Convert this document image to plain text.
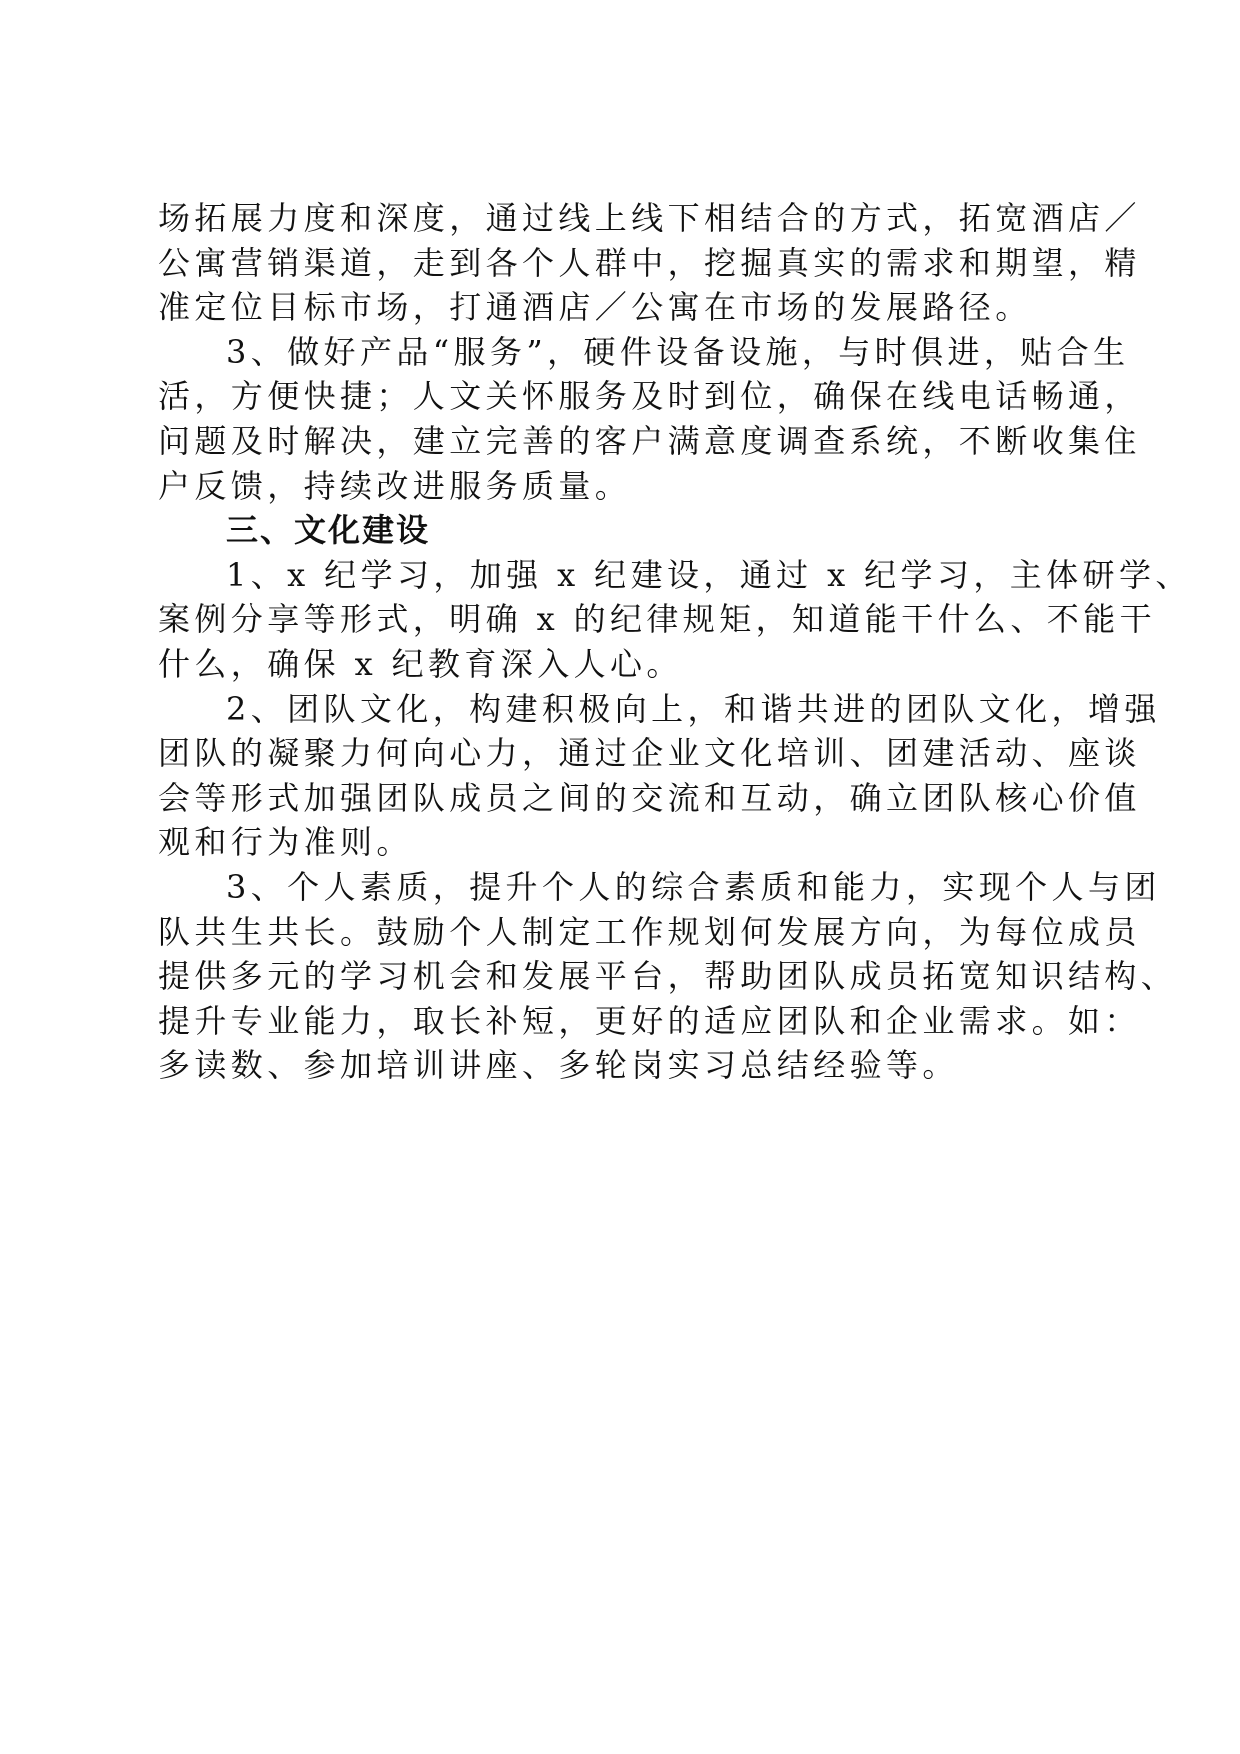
场拓展力度和深度，通过线上线下相结合的方式，拓宽酒店／
公寓营销渠道，走到各个人群中，挖掘真实的需求和期望，精
准定位目标市场，打通酒店／公寓在市场的发展路径。
3、做好产品“服务”，硬件设备设施，与时俱进，贴合生
活，方便快捷；人文关怀服务及时到位，确保在线电话畅通，
问题及时解决，建立完善的客户满意度调查系统，不断收集住
户反馈，持续改进服务质量。
三、文化建设
1、x 纪学习，加强 x 纪建设，通过 x 纪学习，主体研学、
案例分享等形式，明确 x 的纪律规矩，知道能干什么、不能干
什么，确保 x 纪教育深入人心。
2、团队文化，构建积极向上，和谐共进的团队文化，增强
团队的凝聚力何向心力，通过企业文化培训、团建活动、座谈
会等形式加强团队成员之间的交流和互动，确立团队核心价值
观和行为准则。
3、个人素质，提升个人的综合素质和能力，实现个人与团
队共生共长。鼓励个人制定工作规划何发展方向，为每位成员
提供多元的学习机会和发展平台，帮助团队成员拓宽知识结构、
提升专业能力，取长补短，更好的适应团队和企业需求。如：
多读数、参加培训讲座、多轮岗实习总结经验等。
